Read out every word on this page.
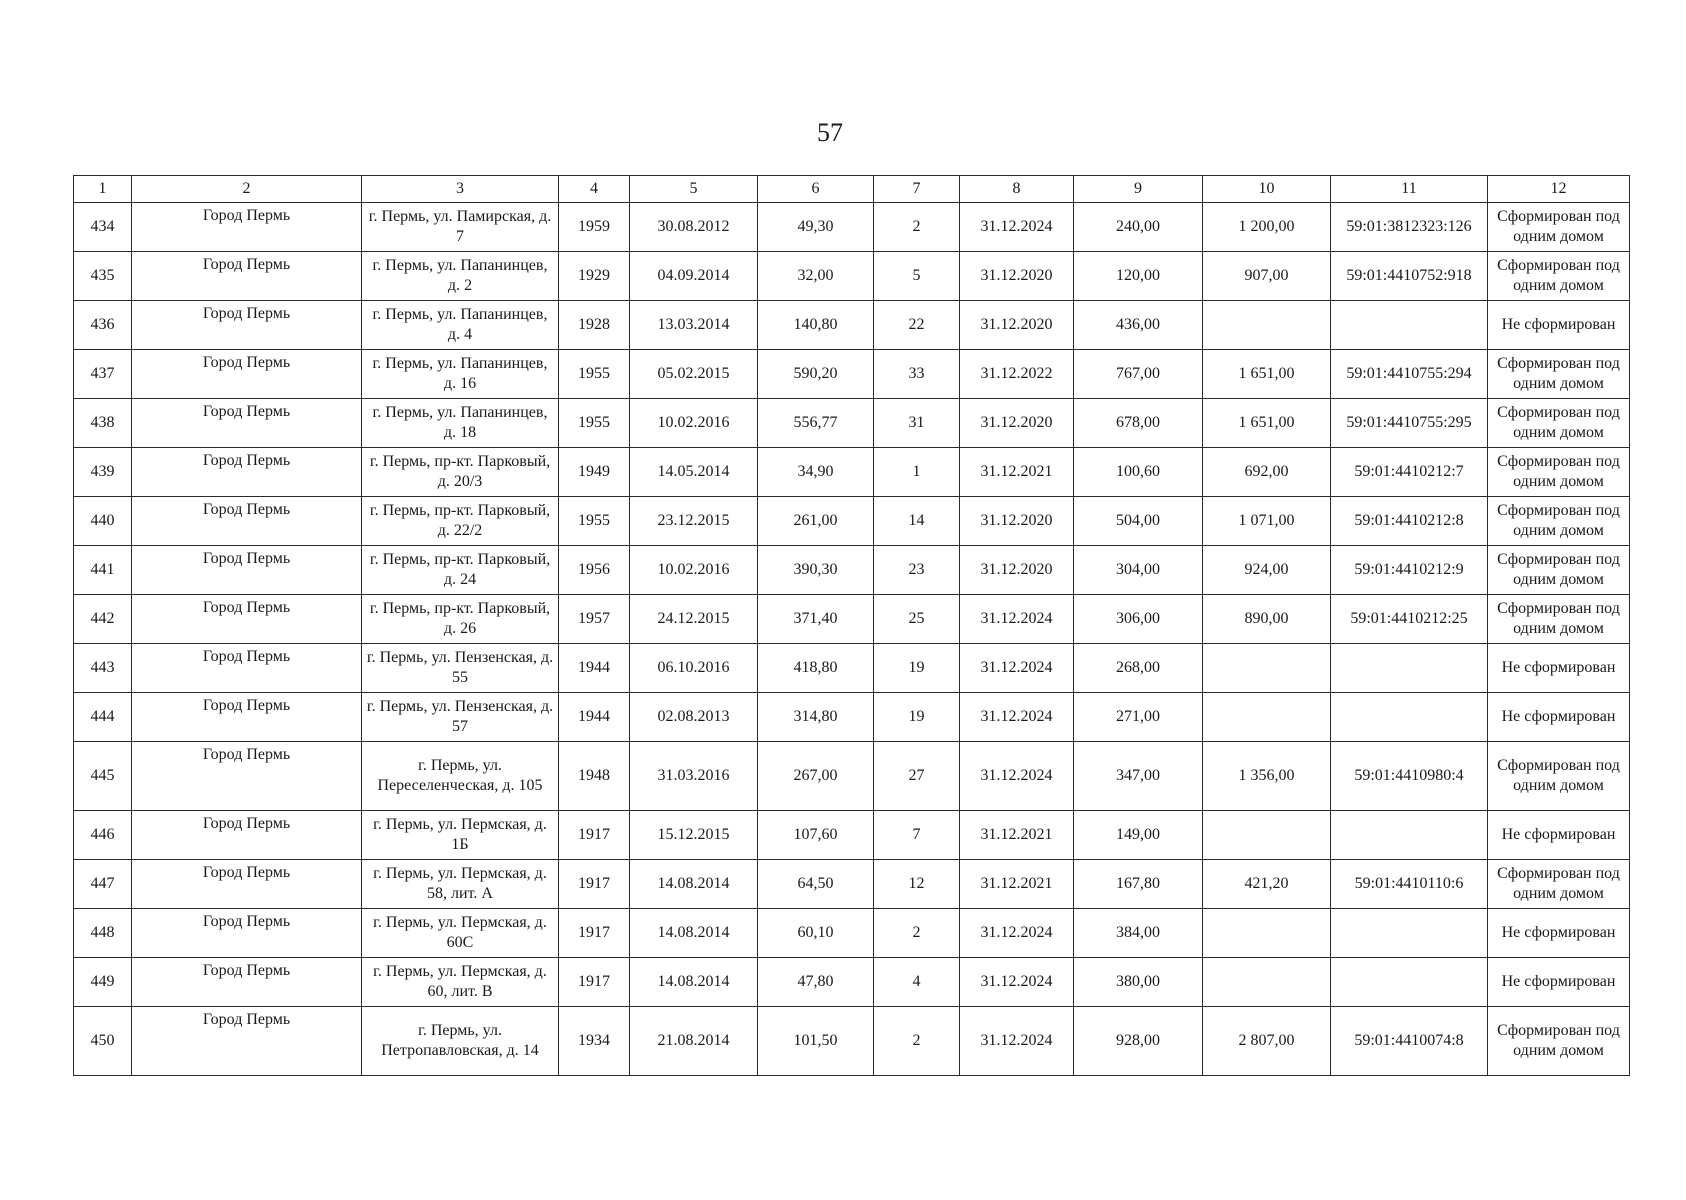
57
1	2	3	4	5	6	7	8	9	10	11	12
434	Город Пермь	г. Пермь, ул. Памирская, д. 7	1959	30.08.2012	49,30	2	31.12.2024	240,00	1 200,00	59:01:3812323:126	Сформирован под одним домом
435	Город Пермь	г. Пермь, ул. Папанинцев, д. 2	1929	04.09.2014	32,00	5	31.12.2020	120,00	907,00	59:01:4410752:918	Сформирован под одним домом
436	Город Пермь	г. Пермь, ул. Папанинцев, д. 4	1928	13.03.2014	140,80	22	31.12.2020	436,00			Не сформирован
437	Город Пермь	г. Пермь, ул. Папанинцев, д. 16	1955	05.02.2015	590,20	33	31.12.2022	767,00	1 651,00	59:01:4410755:294	Сформирован под одним домом
438	Город Пермь	г. Пермь, ул. Папанинцев, д. 18	1955	10.02.2016	556,77	31	31.12.2020	678,00	1 651,00	59:01:4410755:295	Сформирован под одним домом
439	Город Пермь	г. Пермь, пр-кт. Парковый, д. 20/3	1949	14.05.2014	34,90	1	31.12.2021	100,60	692,00	59:01:4410212:7	Сформирован под одним домом
440	Город Пермь	г. Пермь, пр-кт. Парковый, д. 22/2	1955	23.12.2015	261,00	14	31.12.2020	504,00	1 071,00	59:01:4410212:8	Сформирован под одним домом
441	Город Пермь	г. Пермь, пр-кт. Парковый, д. 24	1956	10.02.2016	390,30	23	31.12.2020	304,00	924,00	59:01:4410212:9	Сформирован под одним домом
442	Город Пермь	г. Пермь, пр-кт. Парковый, д. 26	1957	24.12.2015	371,40	25	31.12.2024	306,00	890,00	59:01:4410212:25	Сформирован под одним домом
443	Город Пермь	г. Пермь, ул. Пензенская, д. 55	1944	06.10.2016	418,80	19	31.12.2024	268,00			Не сформирован
444	Город Пермь	г. Пермь, ул. Пензенская, д. 57	1944	02.08.2013	314,80	19	31.12.2024	271,00			Не сформирован
445	Город Пермь	г. Пермь, ул. Переселенческая, д. 105	1948	31.03.2016	267,00	27	31.12.2024	347,00	1 356,00	59:01:4410980:4	Сформирован под одним домом
446	Город Пермь	г. Пермь, ул. Пермская, д. 1Б	1917	15.12.2015	107,60	7	31.12.2021	149,00			Не сформирован
447	Город Пермь	г. Пермь, ул. Пермская, д. 58, лит. А	1917	14.08.2014	64,50	12	31.12.2021	167,80	421,20	59:01:4410110:6	Сформирован под одним домом
448	Город Пермь	г. Пермь, ул. Пермская, д. 60С	1917	14.08.2014	60,10	2	31.12.2024	384,00			Не сформирован
449	Город Пермь	г. Пермь, ул. Пермская, д. 60, лит. В	1917	14.08.2014	47,80	4	31.12.2024	380,00			Не сформирован
450	Город Пермь	г. Пермь, ул. Петропавловская, д. 14	1934	21.08.2014	101,50	2	31.12.2024	928,00	2 807,00	59:01:4410074:8	Сформирован под одним домом
